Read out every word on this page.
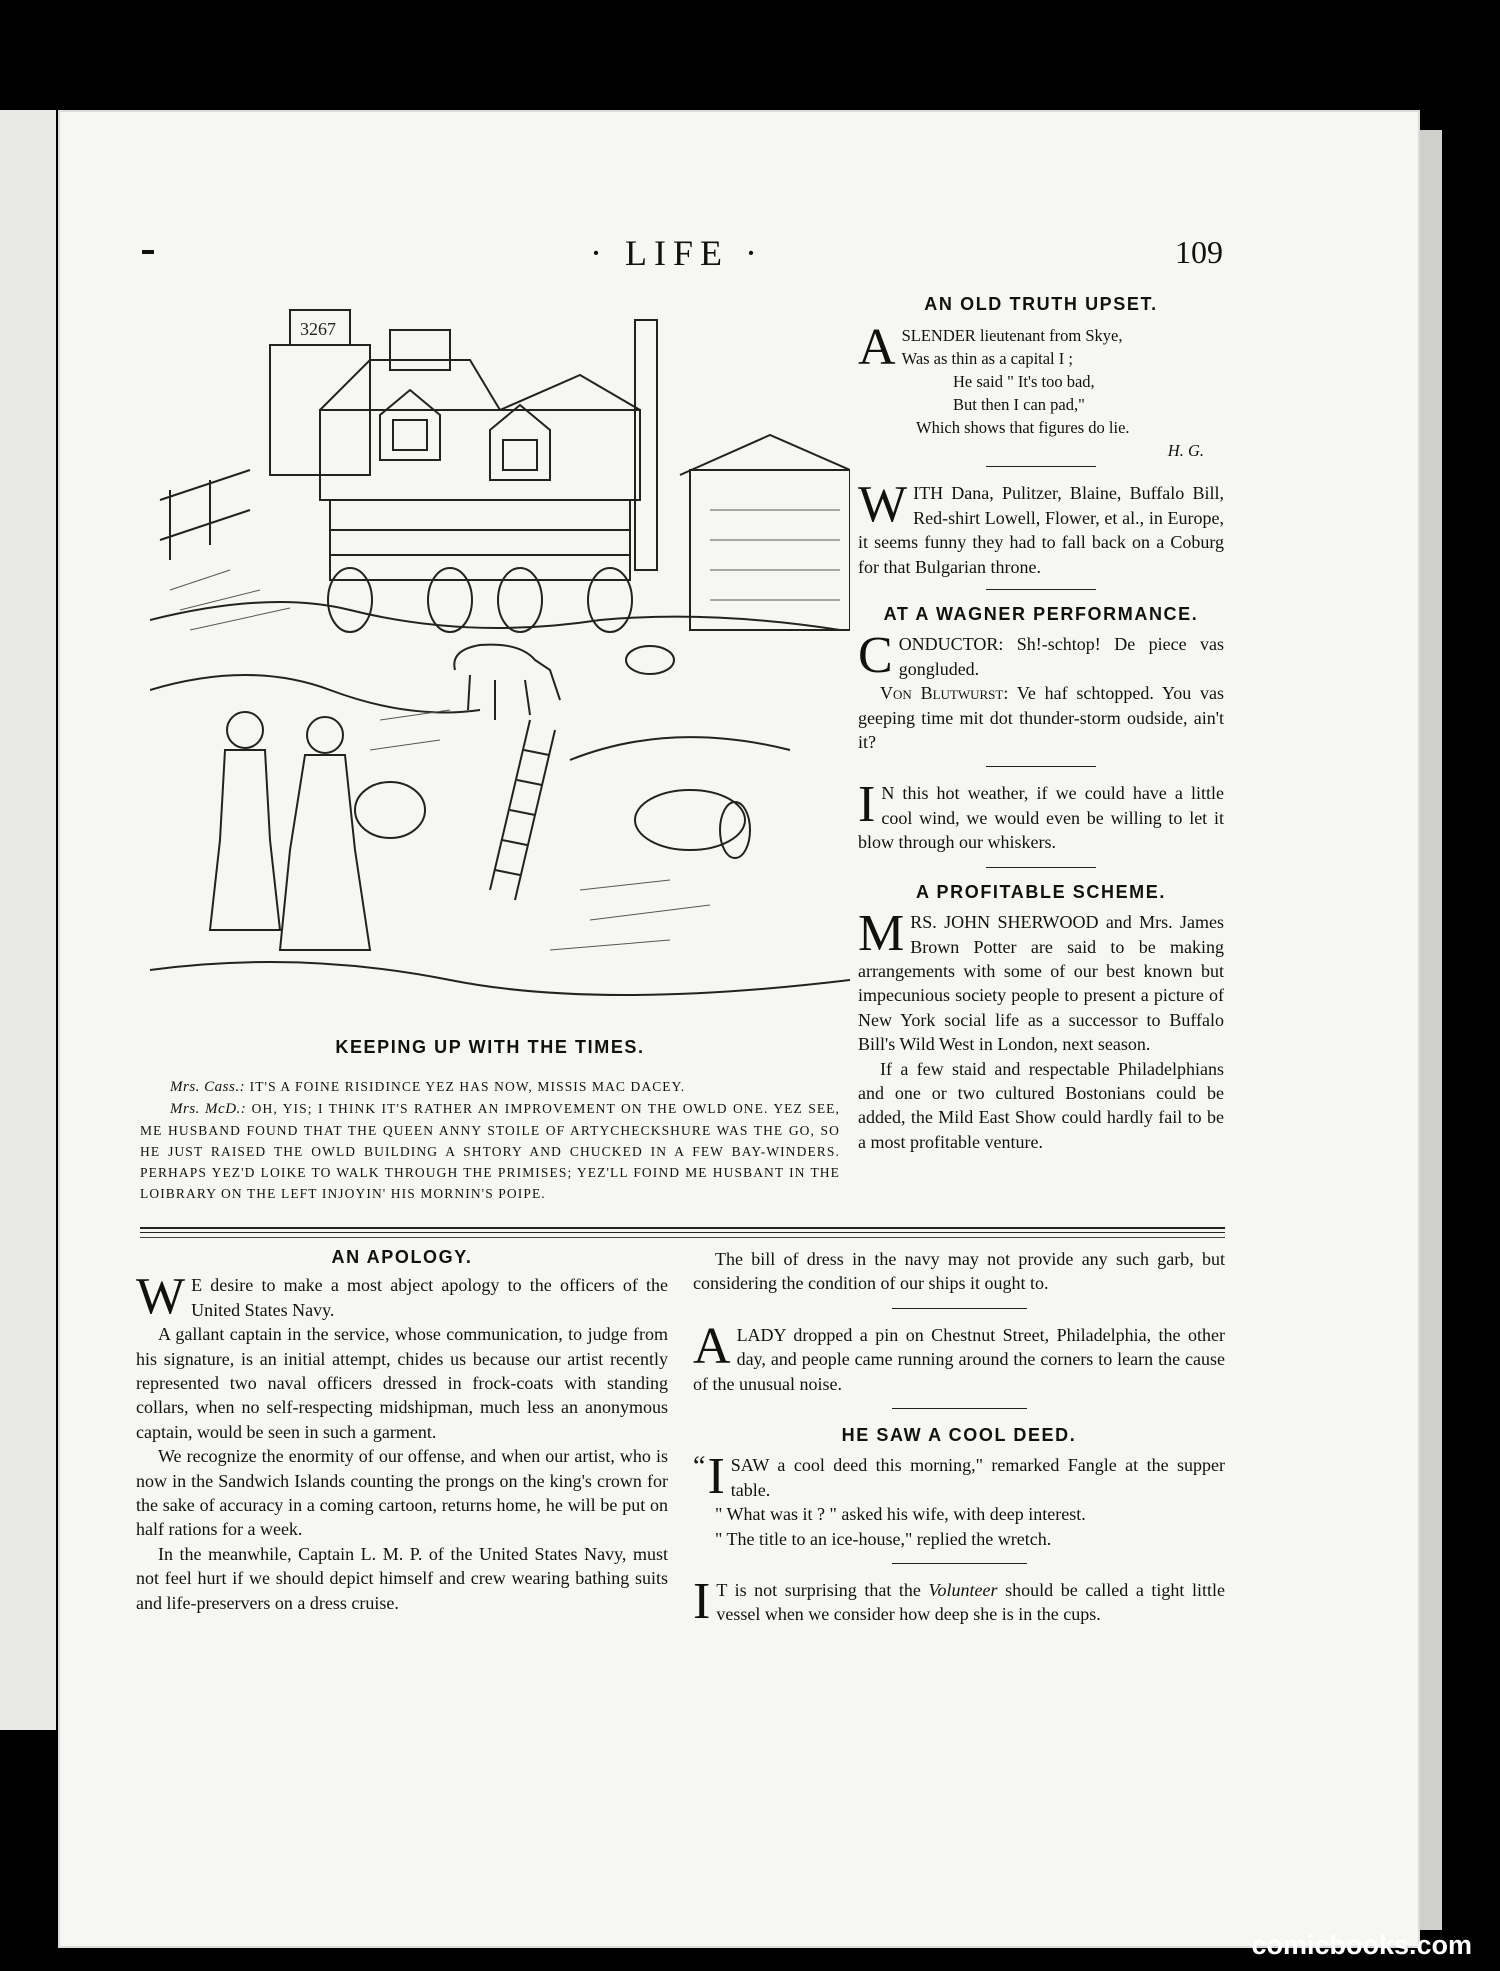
· LIFE ·	109
3267
KEEPING UP WITH THE TIMES.
Mrs. Cass.: IT'S A FOINE RISIDINCE YEZ HAS NOW, MISSIS MAC DACEY.
Mrs. McD.: OH, YIS; I THINK IT'S RATHER AN IMPROVEMENT ON THE OWLD ONE. YEZ SEE, ME HUSBAND FOUND THAT THE QUEEN ANNY STOILE OF ARTYCHECKSHURE WAS THE GO, SO HE JUST RAISED THE OWLD BUILDING A SHTORY AND CHUCKED IN A FEW BAY-WINDERS. PERHAPS YEZ'D LOIKE TO WALK THROUGH THE PRIMISES; YEZ'LL FOIND ME HUSBANT IN THE LOIBRARY ON THE LEFT INJOYIN' HIS MORNIN'S POIPE.
AN OLD TRUTH UPSET.
A SLENDER lieutenant from Skye,
Was as thin as a capital I ;
He said " It's too bad,
But then I can pad,"
Which shows that figures do lie.
H. G.

WITH Dana, Pulitzer, Blaine, Buffalo Bill, Red-shirt Lowell, Flower, et al., in Europe, it seems funny they had to fall back on a Coburg for that Bulgarian throne.

AT A WAGNER PERFORMANCE.

CONDUCTOR: Sh!-schtop! De piece vas gongluded.

Von Blutwurst: Ve haf schtopped. You vas geeping time mit dot thunder-storm oudside, ain't it?

I N this hot weather, if we could have a little cool wind, we would even be willing to let it blow through our whiskers.

A PROFITABLE SCHEME.

MRS. JOHN SHERWOOD and Mrs. James Brown Potter are said to be making arrangements with some of our best known but impecunious society people to present a picture of New York social life as a successor to Buffalo Bill's Wild West in London, next season.

If a few staid and respectable Philadelphians and one or two cultured Bostonians could be added, the Mild East Show could hardly fail to be a most profitable venture.

AN APOLOGY.

W E desire to make a most abject apology to the officers of the United States Navy.

A gallant captain in the service, whose communication, to judge from his signature, is an initial attempt, chides us because our artist recently represented two naval officers dressed in frock-coats with standing collars, when no self-respecting midshipman, much less an anonymous captain, would be seen in such a garment.

We recognize the enormity of our offense, and when our artist, who is now in the Sandwich Islands counting the prongs on the king's crown for the sake of accuracy in a coming cartoon, returns home, he will be put on half rations for a week.

In the meanwhile, Captain L. M. P. of the United States Navy, must not feel hurt if we should depict himself and crew wearing bathing suits and life-preservers on a dress cruise.

The bill of dress in the navy may not provide any such garb, but considering the condition of our ships it ought to.

ALADY dropped a pin on Chestnut Street, Philadelphia, the other day, and people came running around the corners to learn the cause of the unusual noise.

HE SAW A COOL DEED.

“ I SAW a cool deed this morning," remarked Fangle at the supper table.

" What was it ? " asked his wife, with deep interest.

" The title to an ice-house," replied the wretch.

I T is not surprising that the Volunteer should be called a tight little vessel when we consider how deep she is in the cups.

comicbooks.com
